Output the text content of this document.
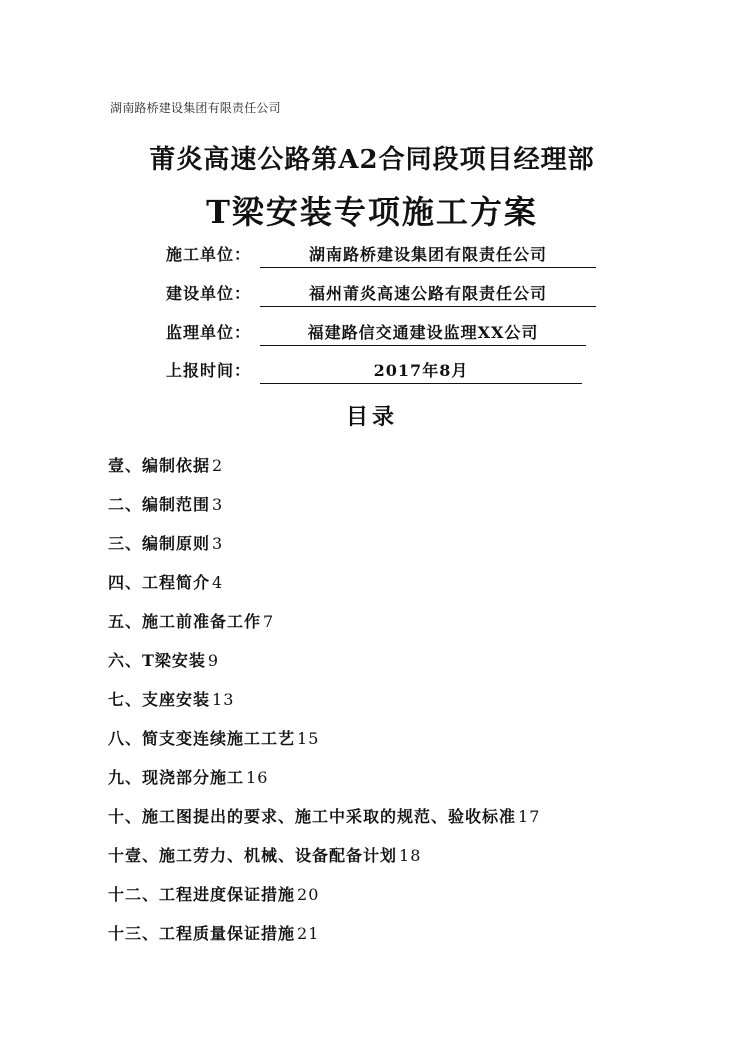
湖南路桥建设集团有限责任公司
莆炎高速公路第A2合同段项目经理部
T梁安装专项施工方案
施工单位：	湖南路桥建设集团有限责任公司
建设单位：	福州莆炎高速公路有限责任公司
监理单位：	福建路信交通建设监理XX公司
上报时间：	2017年8月
目录
壹、编制依据 2
二、编制范围 3
三、编制原则 3
四、工程简介 4
五、施工前准备工作 7
六、T梁安装 9
七、支座安装 13
八、简支变连续施工工艺 15
九、现浇部分施工 16
十、施工图提出的要求、施工中采取的规范、验收标准 17
十壹、施工劳力、机械、设备配备计划 18
十二、工程进度保证措施 20
十三、工程质量保证措施 21
